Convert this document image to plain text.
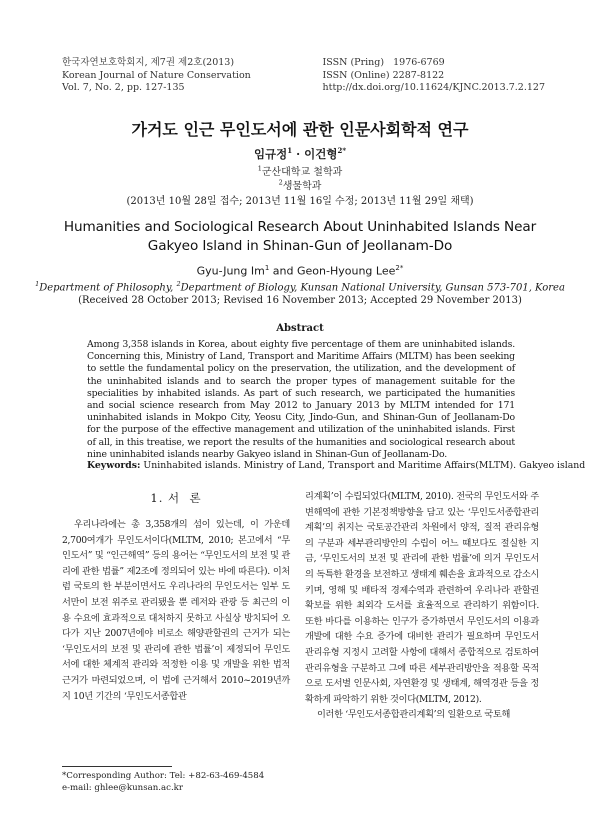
한국자연보호학회지, 제7권 제2호(2013)
Korean Journal of Nature Conservation
Vol. 7, No. 2, pp. 127-135
ISSN (Pring)   1976-6769
ISSN (Online) 2287-8122
http://dx.doi.org/10.11624/KJNC.2013.7.2.127
가거도 인근 무인도서에 관한 인문사회학적 연구
임규정$^1$ · 이건형$^{2*}$
$^1$군산대학교 철학과
$^2$생물학과
(2013년 10월 28일 접수; 2013년 11월 16일 수정; 2013년 11월 29일 채택)
Humanities and Sociological Research About Uninhabited Islands Near
Gakyeo Island in Shinan-Gun of Jeollanam-Do
Gyu-Jung Im$^1$ and Geon-Hyoung Lee$^{2*}$
$^1$Department of Philosophy, $^2$Department of Biology, Kunsan National University, Gunsan 573-701, Korea
(Received 28 October 2013; Revised 16 November 2013; Accepted 29 November 2013)
Abstract
Among 3,358 islands in Korea, about eighty five percentage of them are uninhabited islands. Concerning this, Ministry of Land, Transport and Maritime Affairs (MLTM) has been seeking to settle the fundamental policy on the preservation, the utilization, and the development of the uninhabited islands and to search the proper types of management suitable for the specialities by inhabited islands. As part of such research, we participated the humanities and social science research from May 2012 to January 2013 by MLTM intended for 171 uninhabited islands in Mokpo City, Yeosu City, Jindo-Gun, and Shinan-Gun of Jeollanam-Do for the purpose of the effective management and utilization of the uninhabited islands. First of all, in this treatise, we report the results of the humanities and sociological research about nine uninhabited islands nearby Gakyeo island in Shinan-Gun of Jeollanam-Do.
Keywords: Uninhabited islands. Ministry of Land, Transport and Maritime Affairs(MLTM). Gakyeo island
1. 서  론

우리나라에는 총 3,358개의 섬이 있는데, 이 가운데 2,700여개가 무인도서이다(MLTM, 2010; 본고에서 “무인도서” 및 “인근해역” 등의 용어는 “무인도서의 보전 및 관리에 관한 법률” 제2조에 정의되어 있는 바에 따른다). 이처럼 국토의 한 부분이면서도 우리나라의 무인도서는 일부 도서만이 보전 위주로 관리됐을 뿐 레저와 관광 등 최근의 이용 수요에 효과적으로 대처하지 못하고 사실상 방치되어 오다가 지난 2007년에야 비로소 해양관할권의 근거가 되는 ‘무인도서의 보전 및 관리에 관한 법률’이 제정되어 무인도서에 대한 체계적 관리와 적정한 이용 및 개발을 위한 법적 근거가 마련되었으며, 이 법에 근거해서 2010~2019년까지 10년 기간의 ‘무인도서종합관

리계획’이 수립되었다(MLTM, 2010). 전국의 무인도서와 주변해역에 관한 기본정책방향을 담고 있는 ‘무인도서종합관리계획’의 취지는 국토공간관리 차원에서 양적, 질적 관리유형의 구분과 세부관리방안의 수립이 어느 때보다도 절실한 지금, ‘무인도서의 보전 및 관리에 관한 법률’에 의거 무인도서의 독특한 환경을 보전하고 생태계 훼손을 효과적으로 감소시키며, 영해 및 배타적 경제수역과 관련하여 우리나라 관할권 확보를 위한 최외각 도서를 효율적으로 관리하기 위함이다. 또한 바다를 이용하는 인구가 증가하면서 무인도서의 이용과 개발에 대한 수요 증가에 대비한 관리가 필요하며 무인도서 관리유형 지정시 고려할 사항에 대해서 종합적으로 검토하여 관리유형을 구분하고 그에 따른 세부관리방안을 적용할 목적으로 도서별 인문사회, 자연환경 및 생태계, 해역경관 등을 정확하게 파악하기 위한 것이다(MLTM, 2012).

이러한 ‘무인도서종합관리계획’의 일환으로 국토해

*Corresponding Author: Tel: +82-63-469-4584
e-mail: ghlee@kunsan.ac.kr
